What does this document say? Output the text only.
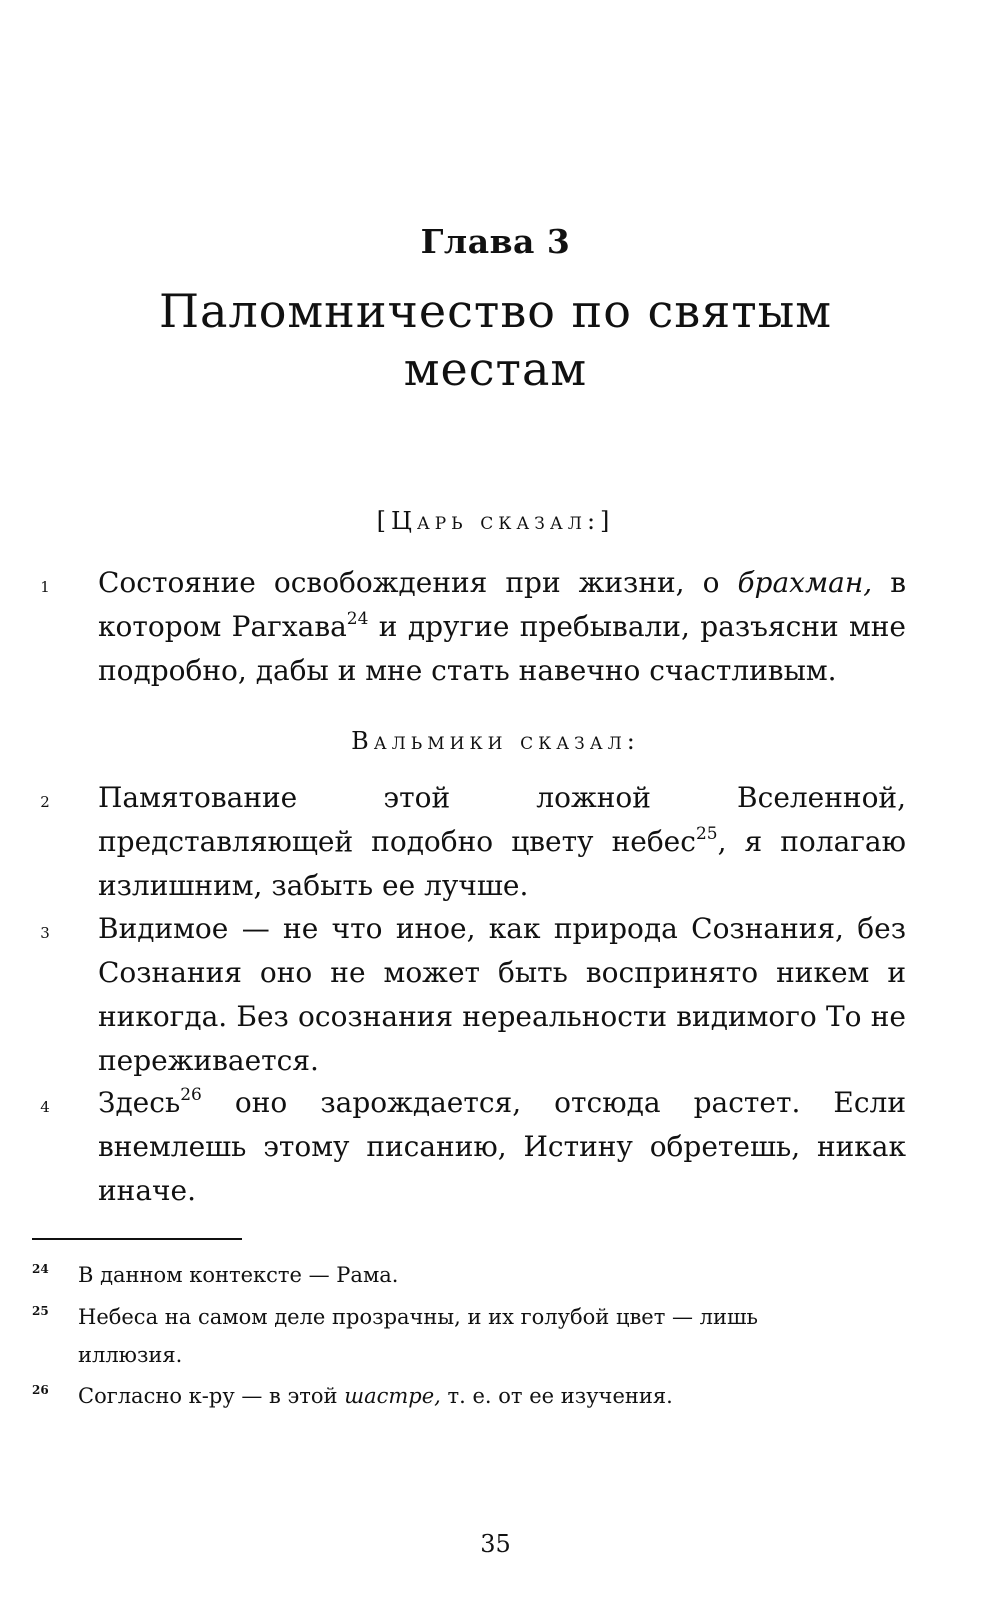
Глава 3
Паломничество по святым местам
[Царь сказал:]
1	Состояние освобождения при жизни, о брахман, в котором Рагхава$^{24}$ и другие пребывали, разъясни мне подробно, дабы и мне стать навечно счастливым.
Вальмики сказал:
2	Памятование этой ложной Вселенной, представляющей подобно цвету небес$^{25}$, я полагаю излишним, забыть ее лучше.
3	Видимое — не что иное, как природа Сознания, без Сознания оно не может быть воспринято никем и никогда. Без осознания нереальности видимого То не переживается.
4	Здесь$^{26}$ оно зарождается, отсюда растет. Если внемлешь этому писанию, Истину обретешь, никак иначе.
24 В данном контексте — Рама.
25 Небеса на самом деле прозрачны, и их голубой цвет — лишь иллюзия.
26 Согласно к-ру — в этой шастре, т. е. от ее изучения.
35
